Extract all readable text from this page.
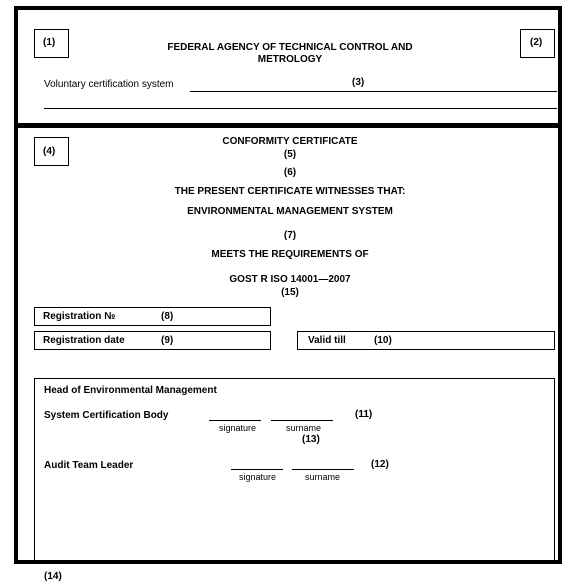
(1)	(2)
FEDERAL AGENCY OF TECHNICAL CONTROL AND METROLOGY
Voluntary certification system	(3)
(4)
CONFORMITY CERTIFICATE
(5)
(6)
THE PRESENT CERTIFICATE WITNESSES THAT:
ENVIRONMENTAL MANAGEMENT SYSTEM
(7)
MEETS THE REQUIREMENTS OF
GOST R ISO 14001—2007
(15)
Registration №	(8)
Registration date	(9)	Valid till	(10)
Head of Environmental Management
System Certification Body
signature	surname
(11)
(13)
Audit Team Leader
signature	surname
(12)
(14)
